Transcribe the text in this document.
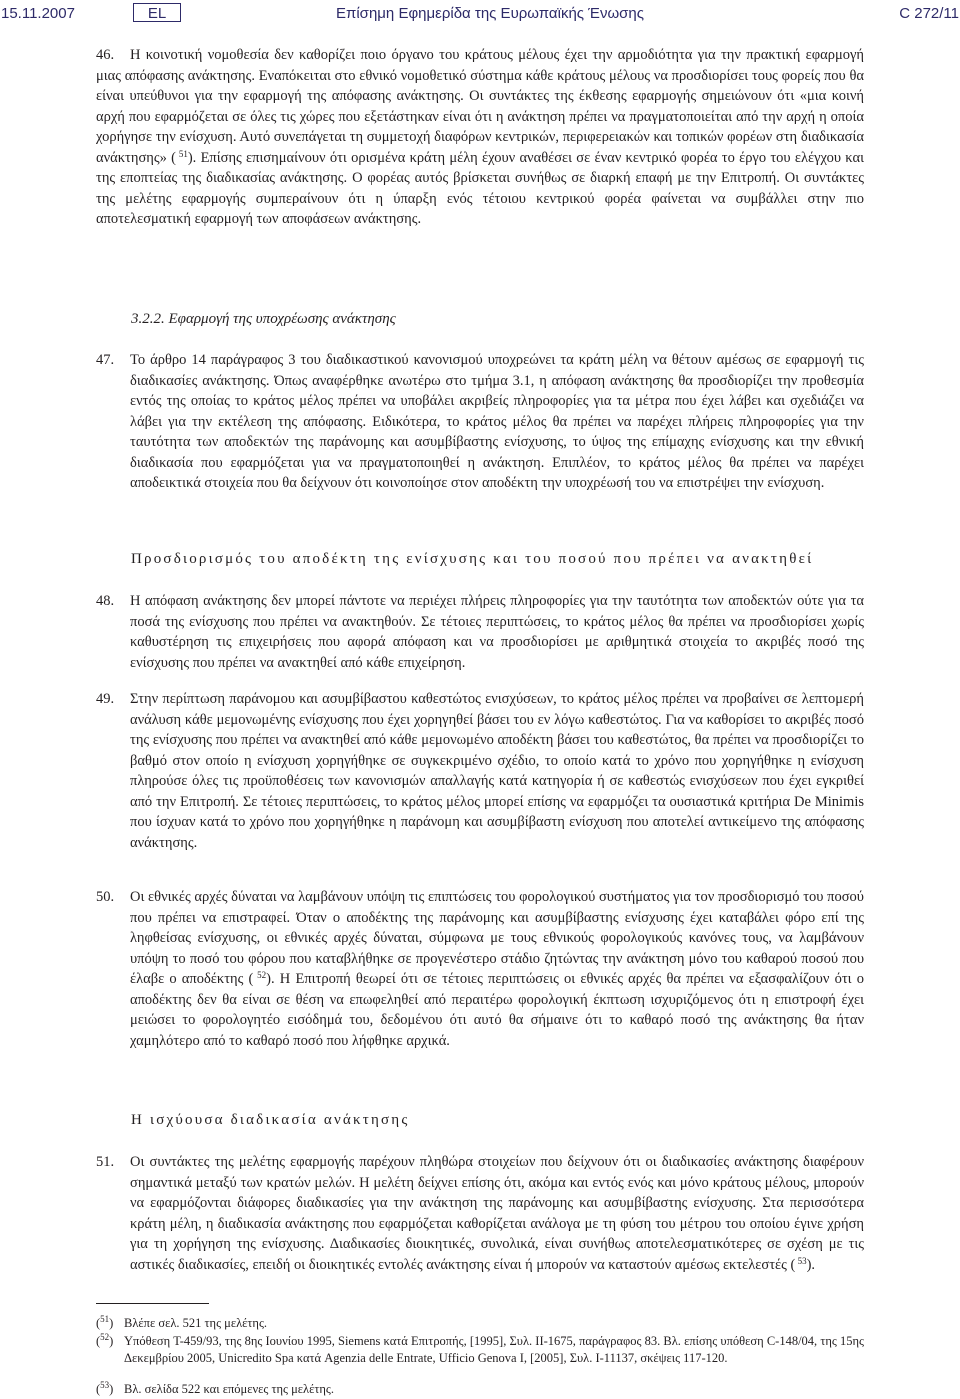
15.11.2007	EL	Επίσημη Εφημερίδα της Ευρωπαϊκής Ένωσης	C 272/11
46.	Η κοινοτική νομοθεσία δεν καθορίζει ποιο όργανο του κράτους μέλους έχει την αρμοδιότητα για την πρακτική εφαρμογή μιας απόφασης ανάκτησης. Εναπόκειται στο εθνικό νομοθετικό σύστημα κάθε κράτους μέλους να προσδιορίσει τους φορείς που θα είναι υπεύθυνοι για την εφαρμογή της απόφασης ανάκτησης. Οι συντάκτες της έκθεσης εφαρμογής σημειώνουν ότι «μια κοινή αρχή που εφαρμόζεται σε όλες τις χώρες που εξετάστηκαν είναι ότι η ανάκτηση πρέπει να πραγματοποιείται από την αρχή η οποία χορήγησε την ενίσχυση. Αυτό συνεπάγεται τη συμμετοχή διαφόρων κεντρικών, περιφερειακών και τοπικών φορέων στη διαδικασία ανάκτησης» ( $^{51}$). Επίσης επισημαίνουν ότι ορισμένα κράτη μέλη έχουν αναθέσει σε έναν κεντρικό φορέα το έργο του ελέγχου και της εποπτείας της διαδικασίας ανάκτησης. Ο φορέας αυτός βρίσκεται συνήθως σε διαρκή επαφή με την Επιτροπή. Οι συντάκτες της μελέτης εφαρμογής συμπεραίνουν ότι η ύπαρξη ενός τέτοιου κεντρικού φορέα φαίνεται να συμβάλλει στην πιο αποτελεσματική εφαρμογή των αποφάσεων ανάκτησης.
3.2.2. Εφαρμογή της υποχρέωσης ανάκτησης
47. Το άρθρο 14 παράγραφος 3 του διαδικαστικού κανονισμού υποχρεώνει τα κράτη μέλη να θέτουν αμέσως σε εφαρμογή τις διαδικασίες ανάκτησης. Όπως αναφέρθηκε ανωτέρω στο τμήμα 3.1, η απόφαση ανάκτησης θα προσδιορίζει την προθεσμία εντός της οποίας το κράτος μέλος πρέπει να υποβάλει ακριβείς πληροφορίες για τα μέτρα που έχει λάβει και σχεδιάζει να λάβει για την εκτέλεση της απόφασης. Ειδικότερα, το κράτος μέλος θα πρέπει να παρέχει πλήρεις πληροφορίες για την ταυτότητα των αποδεκτών της παράνομης και ασυμβίβαστης ενίσχυσης, το ύψος της επίμαχης ενίσχυσης και την εθνική διαδικασία που εφαρμόζεται για να πραγματοποιηθεί η ανάκτηση. Επιπλέον, το κράτος μέλος θα πρέπει να παρέχει αποδεικτικά στοιχεία που θα δείχνουν ότι κοινοποίησε στον αποδέκτη την υποχρέωσή του να επιστρέψει την ενίσχυση.
Προσδιορισμός του αποδέκτη της ενίσχυσης και του ποσού που πρέπει να ανακτηθεί
48. Η απόφαση ανάκτησης δεν μπορεί πάντοτε να περιέχει πλήρεις πληροφορίες για την ταυτότητα των αποδεκτών ούτε για τα ποσά της ενίσχυσης που πρέπει να ανακτηθούν. Σε τέτοιες περιπτώσεις, το κράτος μέλος θα πρέπει να προσδιορίσει χωρίς καθυστέρηση τις επιχειρήσεις που αφορά απόφαση και να προσδιορίσει με αριθμητικά στοιχεία το ακριβές ποσό της ενίσχυσης που πρέπει να ανακτηθεί από κάθε επιχείρηση.
49. Στην περίπτωση παράνομου και ασυμβίβαστου καθεστώτος ενισχύσεων, το κράτος μέλος πρέπει να προβαίνει σε λεπτομερή ανάλυση κάθε μεμονωμένης ενίσχυσης που έχει χορηγηθεί βάσει του εν λόγω καθεστώτος. Για να καθορίσει το ακριβές ποσό της ενίσχυσης που πρέπει να ανακτηθεί από κάθε μεμονωμένο αποδέκτη βάσει του καθεστώτος, θα πρέπει να προσδιορίζει το βαθμό στον οποίο η ενίσχυση χορηγήθηκε σε συγκεκριμένο σχέδιο, το οποίο κατά το χρόνο που χορηγήθηκε η ενίσχυση πληρούσε όλες τις προϋποθέσεις των κανονισμών απαλλαγής κατά κατηγορία ή σε καθεστώς ενισχύσεων που έχει εγκριθεί από την Επιτροπή. Σε τέτοιες περιπτώσεις, το κράτος μέλος μπορεί επίσης να εφαρμόζει τα ουσιαστικά κριτήρια De Minimis που ίσχυαν κατά το χρόνο που χορηγήθηκε η παράνομη και ασυμβίβαστη ενίσχυση που αποτελεί αντικείμενο της απόφασης ανάκτησης.
50. Οι εθνικές αρχές δύναται να λαμβάνουν υπόψη τις επιπτώσεις του φορολογικού συστήματος για τον προσδιορισμό του ποσού που πρέπει να επιστραφεί. Όταν ο αποδέκτης της παράνομης και ασυμβίβαστης ενίσχυσης έχει καταβάλει φόρο επί της ληφθείσας ενίσχυσης, οι εθνικές αρχές δύναται, σύμφωνα με τους εθνικούς φορολογικούς κανόνες τους, να λαμβάνουν υπόψη το ποσό του φόρου που καταβλήθηκε σε προγενέστερο στάδιο ζητώντας την ανάκτηση μόνο του καθαρού ποσού που έλαβε ο αποδέκτης ( $^{52}$). Η Επιτροπή θεωρεί ότι σε τέτοιες περιπτώσεις οι εθνικές αρχές θα πρέπει να εξασφαλίζουν ότι ο αποδέκτης δεν θα είναι σε θέση να επωφεληθεί από περαιτέρω φορολογική έκπτωση ισχυριζόμενος ότι η επιστροφή έχει μειώσει το φορολογητέο εισόδημά του, δεδομένου ότι αυτό θα σήμαινε ότι το καθαρό ποσό της ανάκτησης θα ήταν χαμηλότερο από το καθαρό ποσό που λήφθηκε αρχικά.
Η ισχύουσα διαδικασία ανάκτησης
51. Οι συντάκτες της μελέτης εφαρμογής παρέχουν πληθώρα στοιχείων που δείχνουν ότι οι διαδικασίες ανάκτησης διαφέρουν σημαντικά μεταξύ των κρατών μελών. Η μελέτη δείχνει επίσης ότι, ακόμα και εντός ενός και μόνο κράτους μέλους, μπορούν να εφαρμόζονται διάφορες διαδικασίες για την ανάκτηση της παράνομης και ασυμβίβαστης ενίσχυσης. Στα περισσότερα κράτη μέλη, η διαδικασία ανάκτησης που εφαρμόζεται καθορίζεται ανάλογα με τη φύση του μέτρου του οποίου έγινε χρήση για τη χορήγηση της ενίσχυσης. Διαδικασίες διοικητικές, συνολικά, είναι συνήθως αποτελεσματικότερες σε σχέση με τις αστικές διαδικασίες, επειδή οι διοικητικές εντολές ανάκτησης είναι ή μπορούν να καταστούν αμέσως εκτελεστές ( $^{53}$).
($^{51}$) Βλέπε σελ. 521 της μελέτης.
($^{52}$) Υπόθεση T-459/93, της 8ης Ιουνίου 1995, Siemens κατά Επιτροπής, [1995], Συλ. II-1675, παράγραφος 83. Βλ. επίσης υπόθεση C-148/04, της 15ης Δεκεμβρίου 2005, Unicredito Spa κατά Agenzia delle Entrate, Ufficio Genova I, [2005], Συλ. I-11137, σκέψεις 117-120.
($^{53}$) Βλ. σελίδα 522 και επόμενες της μελέτης.
